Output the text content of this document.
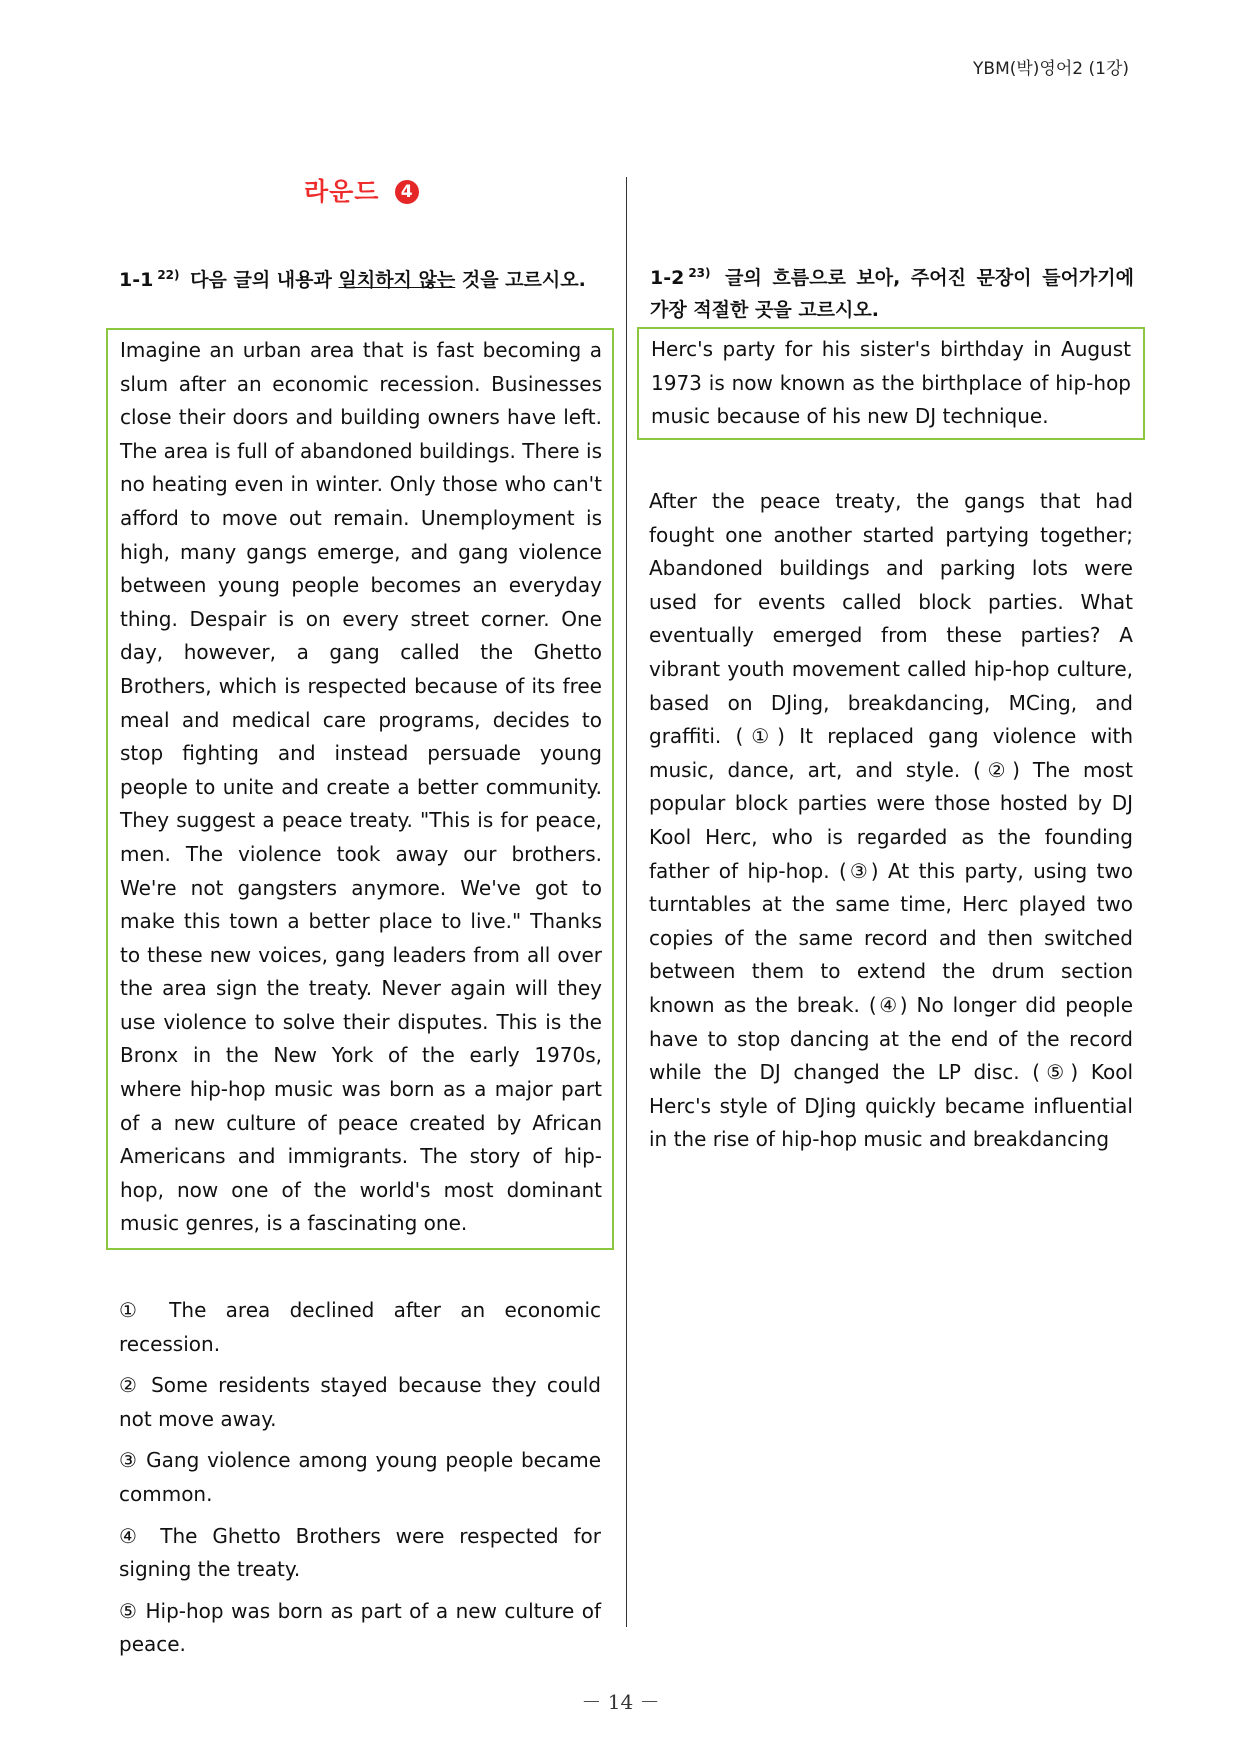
YBM(박)영어2 (1강)
라운드 4
1-1 $^{22)}$ 다음 글의 내용과 일치하지 않는 것을 고르시오.

Imagine an urban area that is fast becoming a slum after an economic recession. Businesses close their doors and building owners have left. The area is full of abandoned buildings. There is no heating even in winter. Only those who can't afford to move out remain. Unemployment is high, many gangs emerge, and gang violence between young people becomes an everyday thing. Despair is on every street corner. One day, however, a gang called the Ghetto Brothers, which is respected because of its free meal and medical care programs, decides to stop fighting and instead persuade young people to unite and create a better community. They suggest a peace treaty. "This is for peace, men. The violence took away our brothers. We're not gangsters anymore. We've got to make this town a better place to live." Thanks to these new voices, gang leaders from all over the area sign the treaty. Never again will they use violence to solve their disputes. This is the Bronx in the New York of the early 1970s, where hip-hop music was born as a major part of a new culture of peace created by African Americans and immigrants. The story of hip-hop, now one of the world's most dominant music genres, is a fascinating one.

① The area declined after an economic recession.

② Some residents stayed because they could not move away.

③ Gang violence among young people became common.

④ The Ghetto Brothers were respected for signing the treaty.

⑤ Hip-hop was born as part of a new culture of peace.

1-2 $^{23)}$ 글의 흐름으로 보아, 주어진 문장이 들어가기에 가장 적절한 곳을 고르시오.

Herc's party for his sister's birthday in August 1973 is now known as the birthplace of hip-hop music because of his new DJ technique.

After the peace treaty, the gangs that had fought one another started partying together; Abandoned buildings and parking lots were used for events called block parties. What eventually emerged from these parties? A vibrant youth movement called hip-hop culture, based on DJing, breakdancing, MCing, and graffiti. (①) It replaced gang violence with music, dance, art, and style. (②) The most popular block parties were those hosted by DJ Kool Herc, who is regarded as the founding father of hip-hop. (③) At this party, using two turntables at the same time, Herc played two copies of the same record and then switched between them to extend the drum section known as the break. (④) No longer did people have to stop dancing at the end of the record while the DJ changed the LP disc. (⑤) Kool Herc's style of DJing quickly became influential in the rise of hip-hop music and breakdancing

－ 14 －
